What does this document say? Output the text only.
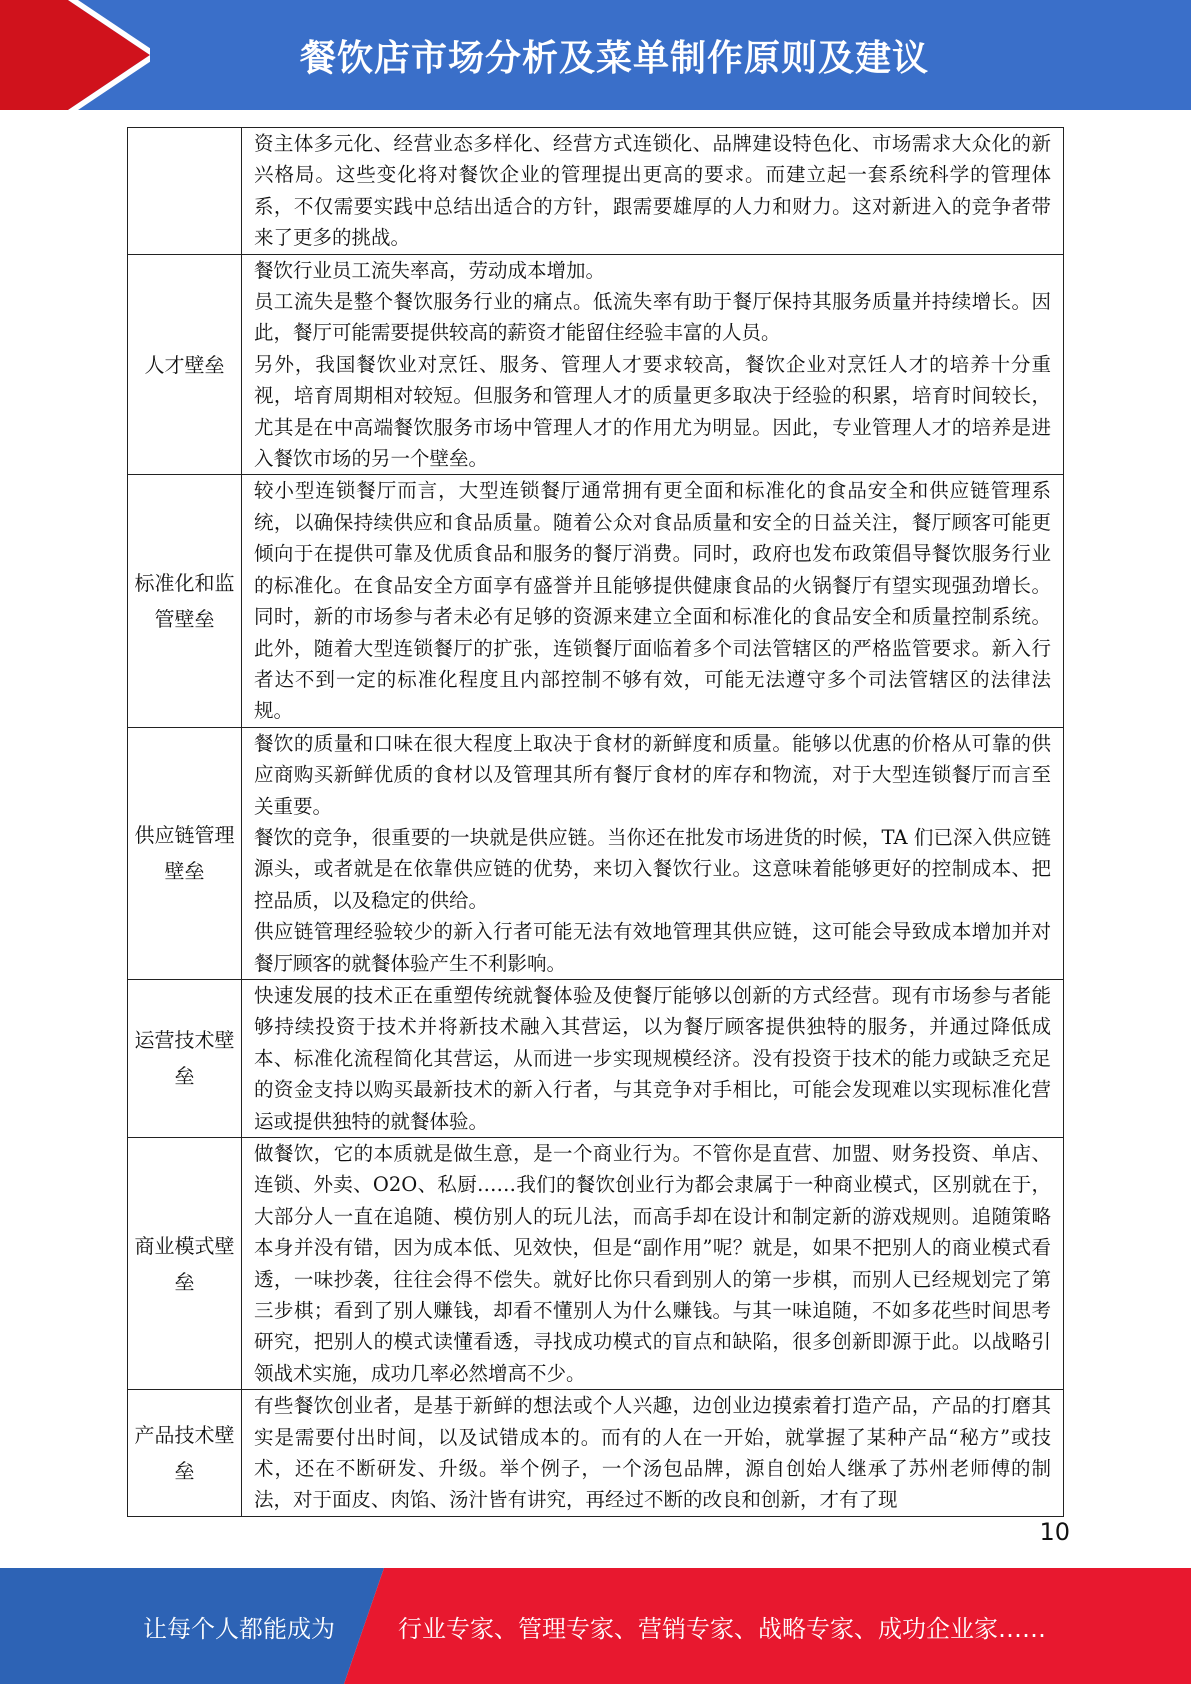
餐饮店市场分析及菜单制作原则及建议

	资主体多元化、经营业态多样化、经营方式连锁化、品牌建设特色化、市场需求大众化的新兴格局。这些变化将对餐饮企业的管理提出更高的要求。而建立起一套系统科学的管理体系，不仅需要实践中总结出适合的方针，跟需要雄厚的人力和财力。这对新进入的竞争者带来了更多的挑战。

人才壁垒	餐饮行业员工流失率高，劳动成本增加。

员工流失是整个餐饮服务行业的痛点。低流失率有助于餐厅保持其服务质量并持续增长。因此，餐厅可能需要提供较高的薪资才能留住经验丰富的人员。

另外，我国餐饮业对烹饪、服务、管理人才要求较高，餐饮企业对烹饪人才的培养十分重视，培育周期相对较短。但服务和管理人才的质量更多取决于经验的积累，培育时间较长，尤其是在中高端餐饮服务市场中管理人才的作用尤为明显。因此，专业管理人才的培养是进入餐饮市场的另一个壁垒。

标准化和监管壁垒	较小型连锁餐厅而言，大型连锁餐厅通常拥有更全面和标准化的食品安全和供应链管理系统，以确保持续供应和食品质量。随着公众对食品质量和安全的日益关注，餐厅顾客可能更倾向于在提供可靠及优质食品和服务的餐厅消费。同时，政府也发布政策倡导餐饮服务行业的标准化。在食品安全方面享有盛誉并且能够提供健康食品的火锅餐厅有望实现强劲增长。同时，新的市场参与者未必有足够的资源来建立全面和标准化的食品安全和质量控制系统。此外，随着大型连锁餐厅的扩张，连锁餐厅面临着多个司法管辖区的严格监管要求。新入行者达不到一定的标准化程度且内部控制不够有效，可能无法遵守多个司法管辖区的法律法规。

供应链管理壁垒	餐饮的质量和口味在很大程度上取决于食材的新鲜度和质量。能够以优惠的价格从可靠的供应商购买新鲜优质的食材以及管理其所有餐厅食材的库存和物流，对于大型连锁餐厅而言至关重要。

餐饮的竞争，很重要的一块就是供应链。当你还在批发市场进货的时候，TA 们已深入供应链源头，或者就是在依靠供应链的优势，来切入餐饮行业。这意味着能够更好的控制成本、把控品质，以及稳定的供给。

供应链管理经验较少的新入行者可能无法有效地管理其供应链，这可能会导致成本增加并对餐厅顾客的就餐体验产生不利影响。

运营技术壁垒	快速发展的技术正在重塑传统就餐体验及使餐厅能够以创新的方式经营。现有市场参与者能够持续投资于技术并将新技术融入其营运，以为餐厅顾客提供独特的服务，并通过降低成本、标准化流程简化其营运，从而进一步实现规模经济。没有投资于技术的能力或缺乏充足的资金支持以购买最新技术的新入行者，与其竞争对手相比，可能会发现难以实现标准化营运或提供独特的就餐体验。

商业模式壁垒	做餐饮，它的本质就是做生意，是一个商业行为。不管你是直营、加盟、财务投资、单店、连锁、外卖、O2O、私厨……我们的餐饮创业行为都会隶属于一种商业模式，区别就在于，大部分人一直在追随、模仿别人的玩儿法，而高手却在设计和制定新的游戏规则。追随策略本身并没有错，因为成本低、见效快，但是“副作用”呢？就是，如果不把别人的商业模式看透，一味抄袭，往往会得不偿失。就好比你只看到别人的第一步棋，而别人已经规划完了第三步棋；看到了别人赚钱，却看不懂别人为什么赚钱。与其一味追随，不如多花些时间思考研究，把别人的模式读懂看透，寻找成功模式的盲点和缺陷，很多创新即源于此。以战略引领战术实施，成功几率必然增高不少。

产品技术壁垒	有些餐饮创业者，是基于新鲜的想法或个人兴趣，边创业边摸索着打造产品，产品的打磨其实是需要付出时间，以及试错成本的。而有的人在一开始，就掌握了某种产品“秘方”或技术，还在不断研发、升级。举个例子，一个汤包品牌，源自创始人继承了苏州老师傅的制法，对于面皮、肉馅、汤汁皆有讲究，再经过不断的改良和创新，才有了现

10
让每个人都能成为	行业专家、管理专家、营销专家、战略专家、成功企业家……
